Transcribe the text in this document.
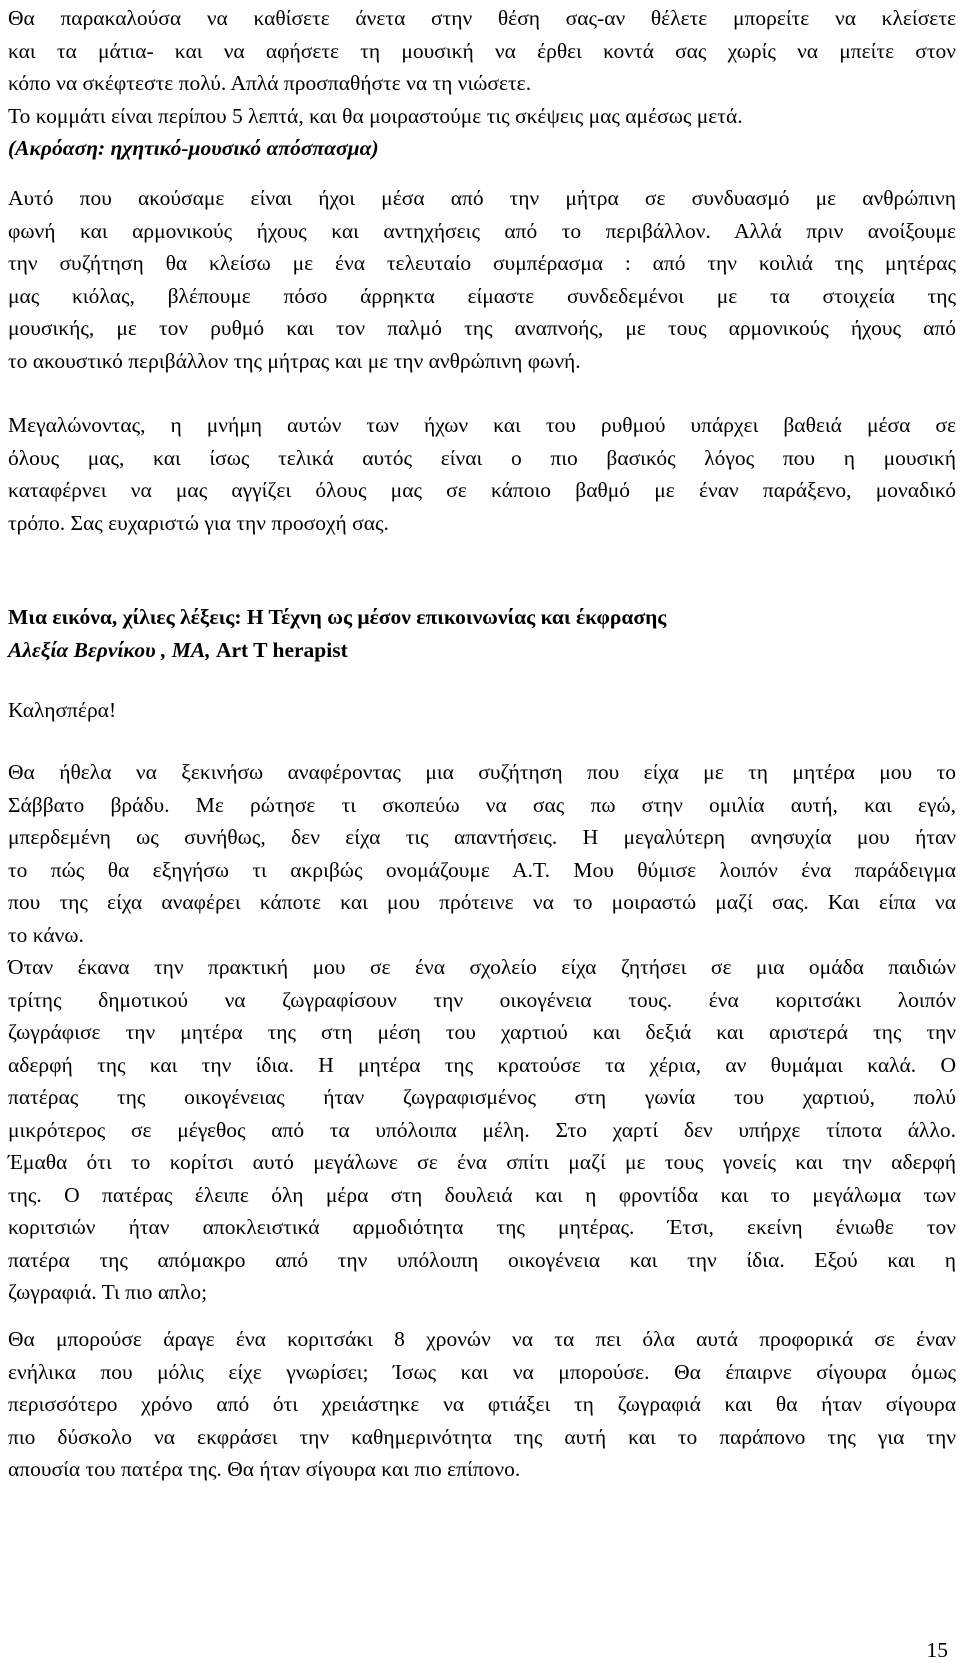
Θα παρακαλούσα να καθίσετε άνετα στην θέση σας-αν θέλετε μπορείτε να κλείσετε
και τα μάτια- και να αφήσετε τη μουσική να έρθει κοντά σας χωρίς να μπείτε στον
κόπο να σκέφτεστε πολύ. Απλά προσπαθήστε να τη νιώσετε.
Το κομμάτι είναι περίπου 5 λεπτά, και θα μοιραστούμε τις σκέψεις μας αμέσως μετά.
(Ακρόαση: ηχητικό-μουσικό απόσπασμα)
Αυτό που ακούσαμε είναι ήχοι μέσα από την μήτρα σε συνδυασμό με ανθρώπινη
φωνή και αρμονικούς ήχους και αντηχήσεις από το περιβάλλον. Αλλά πριν ανοίξουμε
την συζήτηση θα κλείσω με ένα τελευταίο συμπέρασμα : από την κοιλιά της μητέρας
μας κιόλας, βλέπουμε πόσο άρρηκτα είμαστε συνδεδεμένοι με τα στοιχεία της
μουσικής, με τον ρυθμό και τον παλμό της αναπνοής, με τους αρμονικούς ήχους από
το ακουστικό περιβάλλον της μήτρας και με την ανθρώπινη φωνή.
Μεγαλώνοντας, η μνήμη αυτών των ήχων και του ρυθμού υπάρχει βαθειά μέσα σε
όλους μας, και ίσως τελικά αυτός είναι ο πιο βασικός λόγος που η μουσική
καταφέρνει να μας αγγίζει όλους μας σε κάποιο βαθμό με έναν παράξενο, μοναδικό
τρόπο. Σας ευχαριστώ για την προσοχή σας.
Μια εικόνα, χίλιες λέξεις: Η Τέχνη ως μέσον επικοινωνίας και έκφρασης
Αλεξία Βερνίκου , ΜΑ, Art T herapist
Καλησπέρα!
Θα ήθελα να ξεκινήσω αναφέροντας μια συζήτηση που είχα με τη μητέρα μου το
Σάββατο βράδυ. Με ρώτησε τι σκοπεύω να σας πω στην ομιλία αυτή, και εγώ,
μπερδεμένη ως συνήθως, δεν είχα τις απαντήσεις. Η μεγαλύτερη ανησυχία μου ήταν
το πώς θα εξηγήσω τι ακριβώς ονομάζουμε Α.Τ. Μου θύμισε λοιπόν ένα παράδειγμα
που της είχα αναφέρει κάποτε και μου πρότεινε να το μοιραστώ μαζί σας. Και είπα να
το κάνω.
Όταν έκανα την πρακτική μου σε ένα σχολείο είχα ζητήσει σε μια ομάδα παιδιών
τρίτης δημοτικού να ζωγραφίσουν την οικογένεια τους. ένα κοριτσάκι λοιπόν
ζωγράφισε την μητέρα της στη μέση του χαρτιού και δεξιά και αριστερά της την
αδερφή της και την ίδια. Η μητέρα της κρατούσε τα χέρια, αν θυμάμαι καλά. Ο
πατέρας της οικογένειας ήταν ζωγραφισμένος στη γωνία του χαρτιού, πολύ
μικρότερος σε μέγεθος από τα υπόλοιπα μέλη. Στο χαρτί δεν υπήρχε τίποτα άλλο.
Έμαθα ότι το κορίτσι αυτό μεγάλωνε σε ένα σπίτι μαζί με τους γονείς και την αδερφή
της. Ο πατέρας έλειπε όλη μέρα στη δουλειά και η φροντίδα και το μεγάλωμα των
κοριτσιών ήταν αποκλειστικά αρμοδιότητα της μητέρας. Έτσι, εκείνη ένιωθε τον
πατέρα της απόμακρο από την υπόλοιπη οικογένεια και την ίδια. Εξού και η
ζωγραφιά. Τι πιο απλο;
Θα μπορούσε άραγε ένα κοριτσάκι 8 χρονών να τα πει όλα αυτά προφορικά σε έναν
ενήλικα που μόλις είχε γνωρίσει; Ίσως και να μπορούσε. Θα έπαιρνε σίγουρα όμως
περισσότερο χρόνο από ότι χρειάστηκε να φτιάξει τη ζωγραφιά και θα ήταν σίγουρα
πιο δύσκολο να εκφράσει την καθημερινότητα της αυτή και το παράπονο της για την
απουσία του πατέρα της. Θα ήταν σίγουρα και πιο επίπονο.
15
